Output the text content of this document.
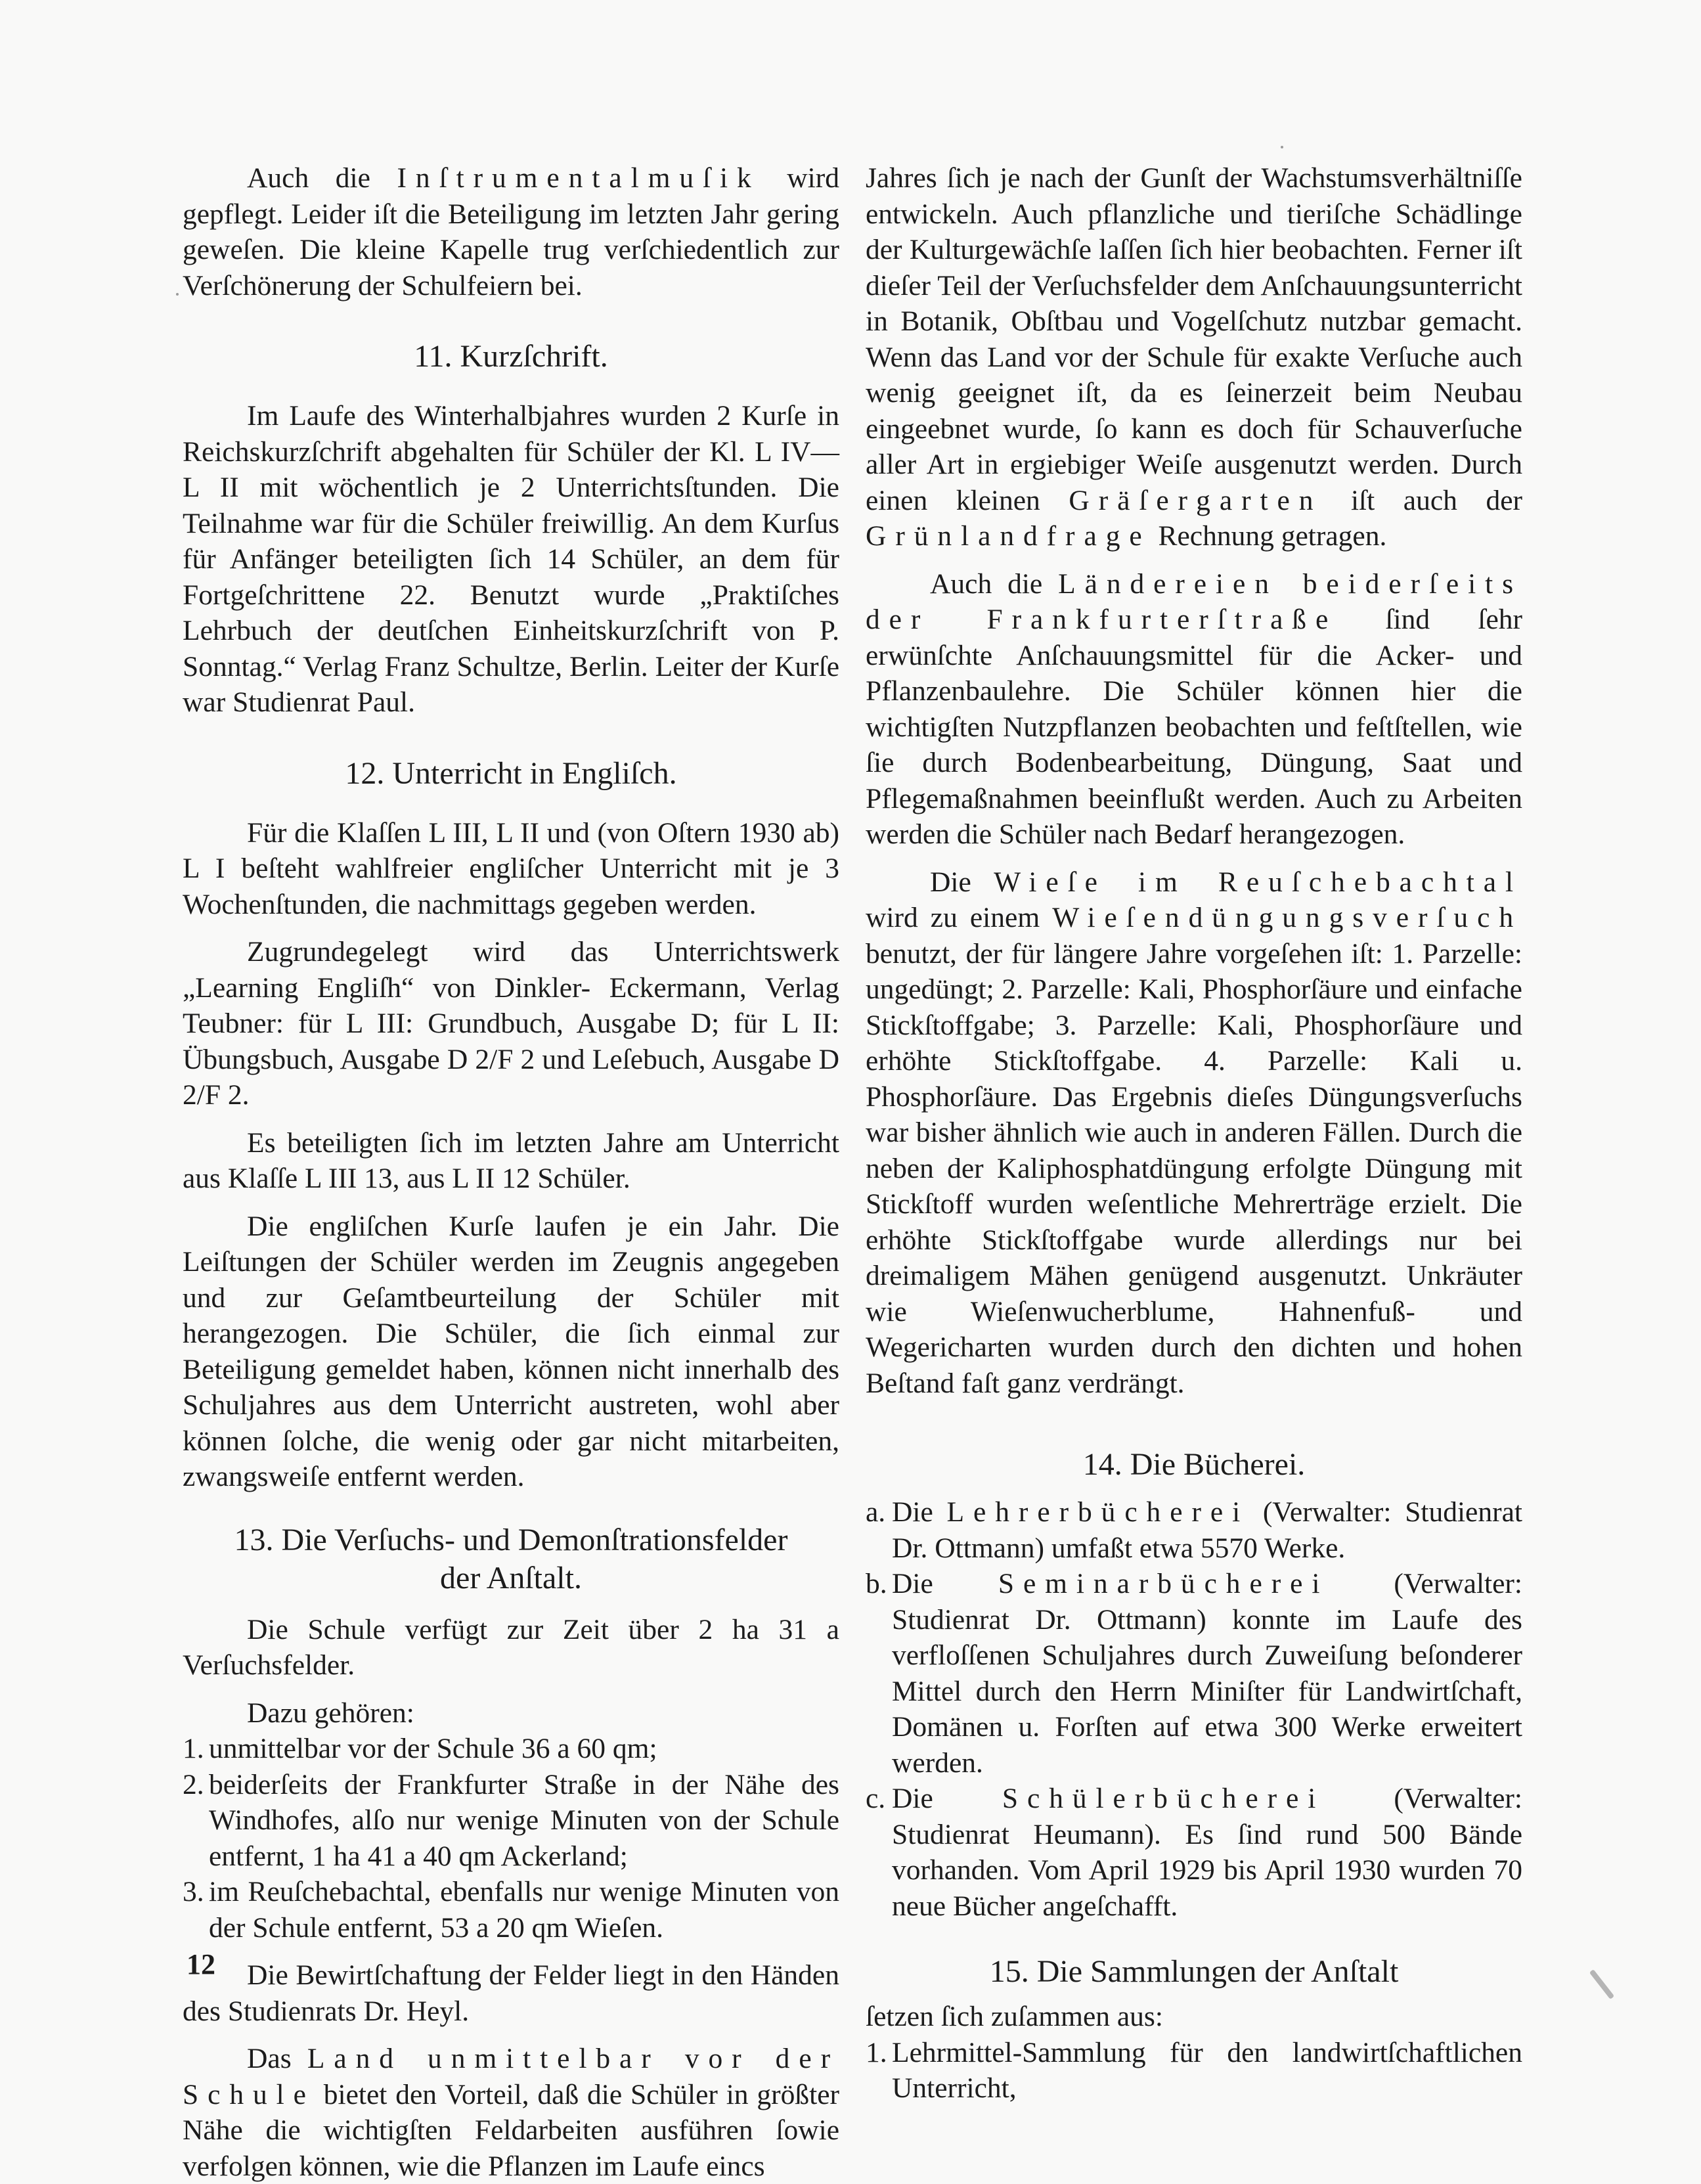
Auch die Inſtrumentalmuſik wird gepflegt. Leider iſt die Beteiligung im letzten Jahr gering geweſen. Die kleine Kapelle trug verſchiedentlich zur Verſchönerung der Schulfeiern bei.

11. Kurzſchrift.

Im Laufe des Winterhalbjahres wurden 2 Kurſe in Reichskurzſchrift abgehalten für Schüler der Kl. L IV—L II mit wöchentlich je 2 Unterrichtsſtunden. Die Teilnahme war für die Schüler freiwillig. An dem Kurſus für Anfänger beteiligten ſich 14 Schüler, an dem für Fortgeſchrittene 22. Benutzt wurde „Praktiſches Lehrbuch der deutſchen Einheitskurzſchrift von P. Sonntag.“ Verlag Franz Schultze, Berlin. Leiter der Kurſe war Studienrat Paul.

12. Unterricht in Engliſch.

Für die Klaſſen L III, L II und (von Oſtern 1930 ab) L I beſteht wahlfreier engliſcher Unterricht mit je 3 Wochenſtunden, die nachmittags gegeben werden.

Zugrundegelegt wird das Unterrichtswerk „Learning Engliſh“ von Dinkler- Eckermann, Verlag Teubner: für L III: Grundbuch, Ausgabe D; für L II: Übungsbuch, Ausgabe D 2/F 2 und Leſebuch, Ausgabe D 2/F 2.

Es beteiligten ſich im letzten Jahre am Unterricht aus Klaſſe L III 13, aus L II 12 Schüler.

Die engliſchen Kurſe laufen je ein Jahr. Die Leiſtungen der Schüler werden im Zeugnis angegeben und zur Geſamtbeurteilung der Schüler mit herangezogen. Die Schüler, die ſich einmal zur Beteiligung gemeldet haben, können nicht innerhalb des Schuljahres aus dem Unterricht austreten, wohl aber können ſolche, die wenig oder gar nicht mitarbeiten, zwangsweiſe entfernt werden.

13. Die Verſuchs- und Demonſtrationsfelder
der Anſtalt.

Die Schule verfügt zur Zeit über 2 ha 31 a Verſuchsfelder.

Dazu gehören:

1. unmittelbar vor der Schule 36 a 60 qm;
2. beiderſeits der Frankfurter Straße in der Nähe des Windhofes, alſo nur wenige Minuten von der Schule entfernt, 1 ha 41 a 40 qm Ackerland;
3. im Reuſchebachtal, ebenfalls nur wenige Minuten von der Schule entfernt, 53 a 20 qm Wieſen.

Die Bewirtſchaftung der Felder liegt in den Händen des Studienrats Dr. Heyl.

Das Land unmittelbar vor der Schule bietet den Vorteil, daß die Schüler in größter Nähe die wichtigſten Feldarbeiten ausführen ſowie verfolgen können, wie die Pflanzen im Laufe eincs

Jahres ſich je nach der Gunſt der Wachstumsverhältniſſe entwickeln. Auch pflanzliche und tieriſche Schädlinge der Kulturgewächſe laſſen ſich hier beobachten. Ferner iſt dieſer Teil der Verſuchsfelder dem Anſchauungsunterricht in Botanik, Obſtbau und Vogelſchutz nutzbar gemacht. Wenn das Land vor der Schule für exakte Verſuche auch wenig geeignet iſt, da es ſeinerzeit beim Neubau eingeebnet wurde, ſo kann es doch für Schauverſuche aller Art in ergiebiger Weiſe ausgenutzt werden. Durch einen kleinen Gräſergarten iſt auch der Grünlandfrage Rechnung getragen.

Auch die Ländereien beiderſeits der Frankfurterſtraße ſind ſehr erwünſchte Anſchauungsmittel für die Acker- und Pflanzenbaulehre. Die Schüler können hier die wichtigſten Nutzpflanzen beobachten und feſtſtellen, wie ſie durch Bodenbearbeitung, Düngung, Saat und Pflegemaßnahmen beeinflußt werden. Auch zu Arbeiten werden die Schüler nach Bedarf herangezogen.

Die Wieſe im Reuſchebachtal wird zu einem Wieſendüngungsverſuch benutzt, der für längere Jahre vorgeſehen iſt: 1. Parzelle: ungedüngt; 2. Parzelle: Kali, Phosphorſäure und einfache Stickſtoffgabe; 3. Parzelle: Kali, Phosphorſäure und erhöhte Stickſtoffgabe. 4. Parzelle: Kali u. Phosphorſäure. Das Ergebnis dieſes Düngungsverſuchs war bisher ähnlich wie auch in anderen Fällen. Durch die neben der Kaliphosphatdüngung erfolgte Düngung mit Stickſtoff wurden weſentliche Mehrerträge erzielt. Die erhöhte Stickſtoffgabe wurde allerdings nur bei dreimaligem Mähen genügend ausgenutzt. Unkräuter wie Wieſenwucherblume, Hahnenfuß- und Wegericharten wurden durch den dichten und hohen Beſtand faſt ganz verdrängt.

14. Die Bücherei.
a. Die Lehrerbücherei (Verwalter: Studienrat Dr. Ottmann) umfaßt etwa 5570 Werke.
b. Die Seminarbücherei (Verwalter: Studienrat Dr. Ottmann) konnte im Laufe des verfloſſenen Schuljahres durch Zuweiſung beſonderer Mittel durch den Herrn Miniſter für Landwirtſchaft, Domänen u. Forſten auf etwa 300 Werke erweitert werden.
c. Die Schülerbücherei (Verwalter: Studienrat Heumann). Es ſind rund 500 Bände vorhanden. Vom April 1929 bis April 1930 wurden 70 neue Bücher angeſchafft.
15. Die Sammlungen der Anſtalt

ſetzen ſich zuſammen aus:

1. Lehrmittel-Sammlung für den landwirtſchaftlichen Unterricht,
12
